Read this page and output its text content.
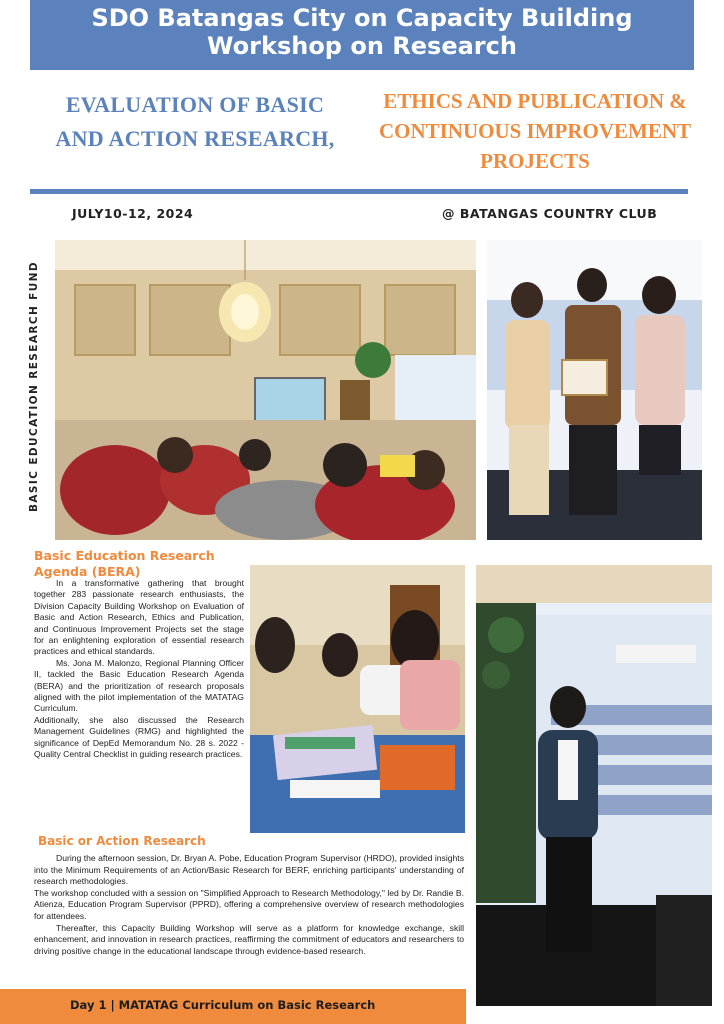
SDO Batangas City on Capacity Building
Workshop on Research
EVALUATION OF BASIC
AND ACTION RESEARCH,
ETHICS AND PUBLICATION &
CONTINUOUS IMPROVEMENT
PROJECTS
JULY10-12, 2024	@ BATANGAS COUNTRY CLUB
BASIC EDUCATION RESEARCH FUND
Basic Education Research Agenda (BERA)

In a transformative gathering that brought together 283 passionate research enthusiasts, the Division Capacity Building Workshop on Evaluation of Basic and Action Research, Ethics and Publication, and Continuous Improvement Projects set the stage for an enlightening exploration of essential research practices and ethical standards.

Ms. Jona M. Malonzo, Regional Planning Officer II, tackled the Basic Education Research Agenda (BERA) and the prioritization of research proposals aligned with the pilot implementation of the MATATAG Curriculum.

Additionally, she also discussed the Research Management Guidelines (RMG) and highlighted the significance of DepEd Memorandum No. 28 s. 2022 - Quality Central Checklist in guiding research practices.

Basic or Action Research

During the afternoon session, Dr. Bryan A. Pobe, Education Program Supervisor (HRDO), provided insights into the Minimum Requirements of an Action/Basic Research for BERF, enriching participants' understanding of research methodologies.

The workshop concluded with a session on "Simplified Approach to Research Methodology," led by Dr. Randie B. Atienza, Education Program Supervisor (PPRD), offering a comprehensive overview of research methodologies for attendees.

Thereafter, this Capacity Building Workshop will serve as a platform for knowledge exchange, skill enhancement, and innovation in research practices, reaffirming the commitment of educators and researchers to driving positive change in the educational landscape through evidence-based research.

Day 1 | MATATAG Curriculum on Basic Research
